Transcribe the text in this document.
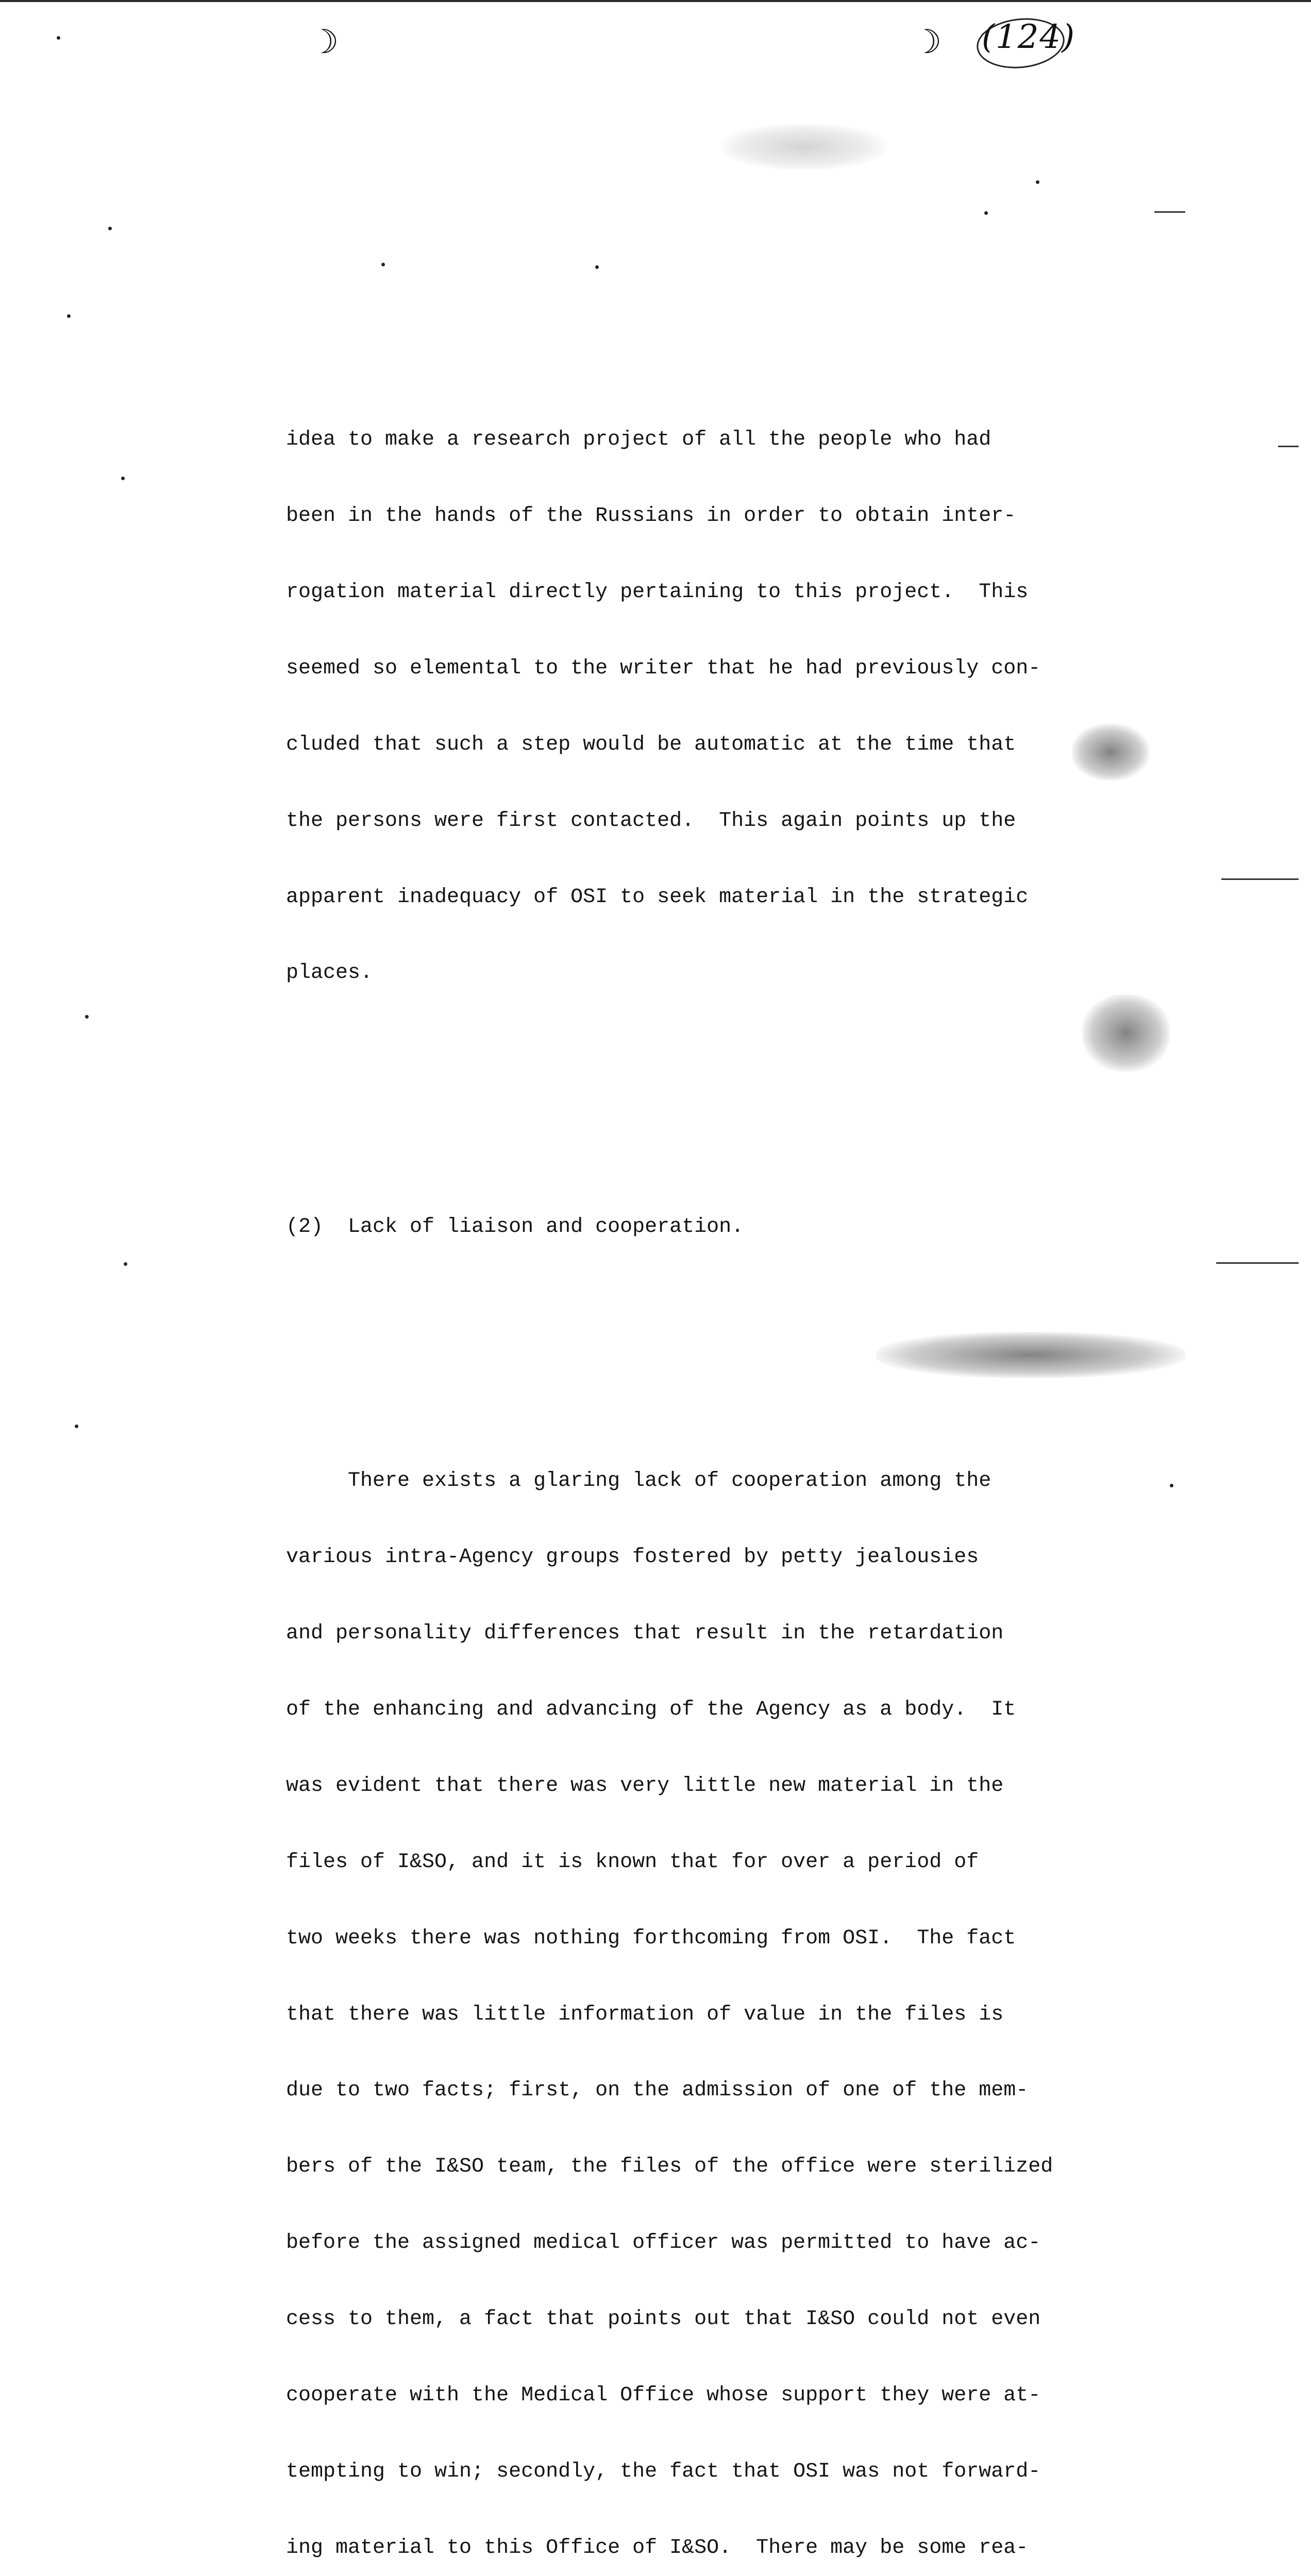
☽	☽ (124)

idea to make a research project of all the people who had

been in the hands of the Russians in order to obtain inter-

rogation material directly pertaining to this project.  This

seemed so elemental to the writer that he had previously con-

cluded that such a step would be automatic at the time that

the persons were first contacted.  This again points up the

apparent inadequacy of OSI to seek material in the strategic

places.

(2)  Lack of liaison and cooperation.

There exists a glaring lack of cooperation among the

various intra-Agency groups fostered by petty jealousies

and personality differences that result in the retardation

of the enhancing and advancing of the Agency as a body.  It

was evident that there was very little new material in the

files of I&SO, and it is known that for over a period of

two weeks there was nothing forthcoming from OSI.  The fact

that there was little information of value in the files is

due to two facts; first, on the admission of one of the mem-

bers of the I&SO team, the files of the office were sterilized

before the assigned medical officer was permitted to have ac-

cess to them, a fact that points out that I&SO could not even

cooperate with the Medical Office whose support they were at-

tempting to win; secondly, the fact that OSI was not forward-

ing material to this Office of I&SO.  There may be some rea-
